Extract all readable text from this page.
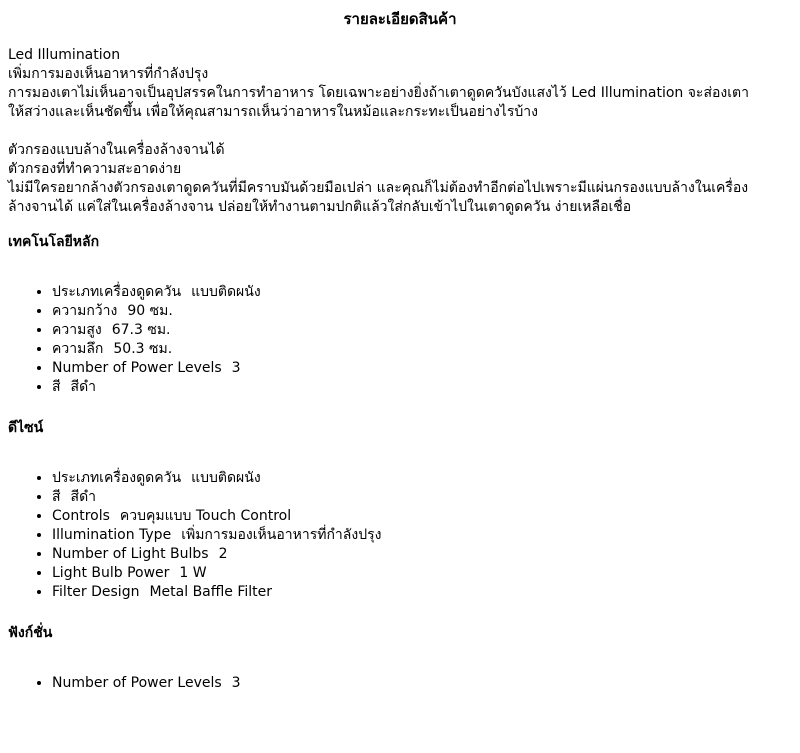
รายละเอียดสินค้า

Led Illumination

เพิ่มการมองเห็นอาหารที่กำลังปรุง

การมองเตาไม่เห็นอาจเป็นอุปสรรคในการทำอาหาร โดยเฉพาะอย่างยิ่งถ้าเตาดูดควันบังแสงไว้ Led Illumination จะส่องเตา

ให้สว่างและเห็นชัดขึ้น เพื่อให้คุณสามารถเห็นว่าอาหารในหม้อและกระทะเป็นอย่างไรบ้าง

ตัวกรองแบบล้างในเครื่องล้างจานได้

ตัวกรองที่ทำความสะอาดง่าย

ไม่มีใครอยากล้างตัวกรองเตาดูดควันที่มีคราบมันด้วยมือเปล่า และคุณก็ไม่ต้องทำอีกต่อไปเพราะมีแผ่นกรองแบบล้างในเครื่อง

ล้างจานได้ แค่ใส่ในเครื่องล้างจาน ปล่อยให้ทำงานตามปกติแล้วใส่กลับเข้าไปในเตาดูดควัน ง่ายเหลือเชื่อ

เทคโนโลยีหลัก
• ประเภทเครื่องดูดควัน แบบติดผนัง
• ความกว้าง 90 ซม.
• ความสูง 67.3 ซม.
• ความลึก 50.3 ซม.
• Number of Power Levels 3
• สี สีดำ
ดีไซน์
• ประเภทเครื่องดูดควัน แบบติดผนัง
• สี สีดำ
• Controls ควบคุมแบบ Touch Control
• Illumination Type เพิ่มการมองเห็นอาหารที่กำลังปรุง
• Number of Light Bulbs 2
• Light Bulb Power 1 W
• Filter Design Metal Baffle Filter
ฟังก์ชั่น
• Number of Power Levels 3
